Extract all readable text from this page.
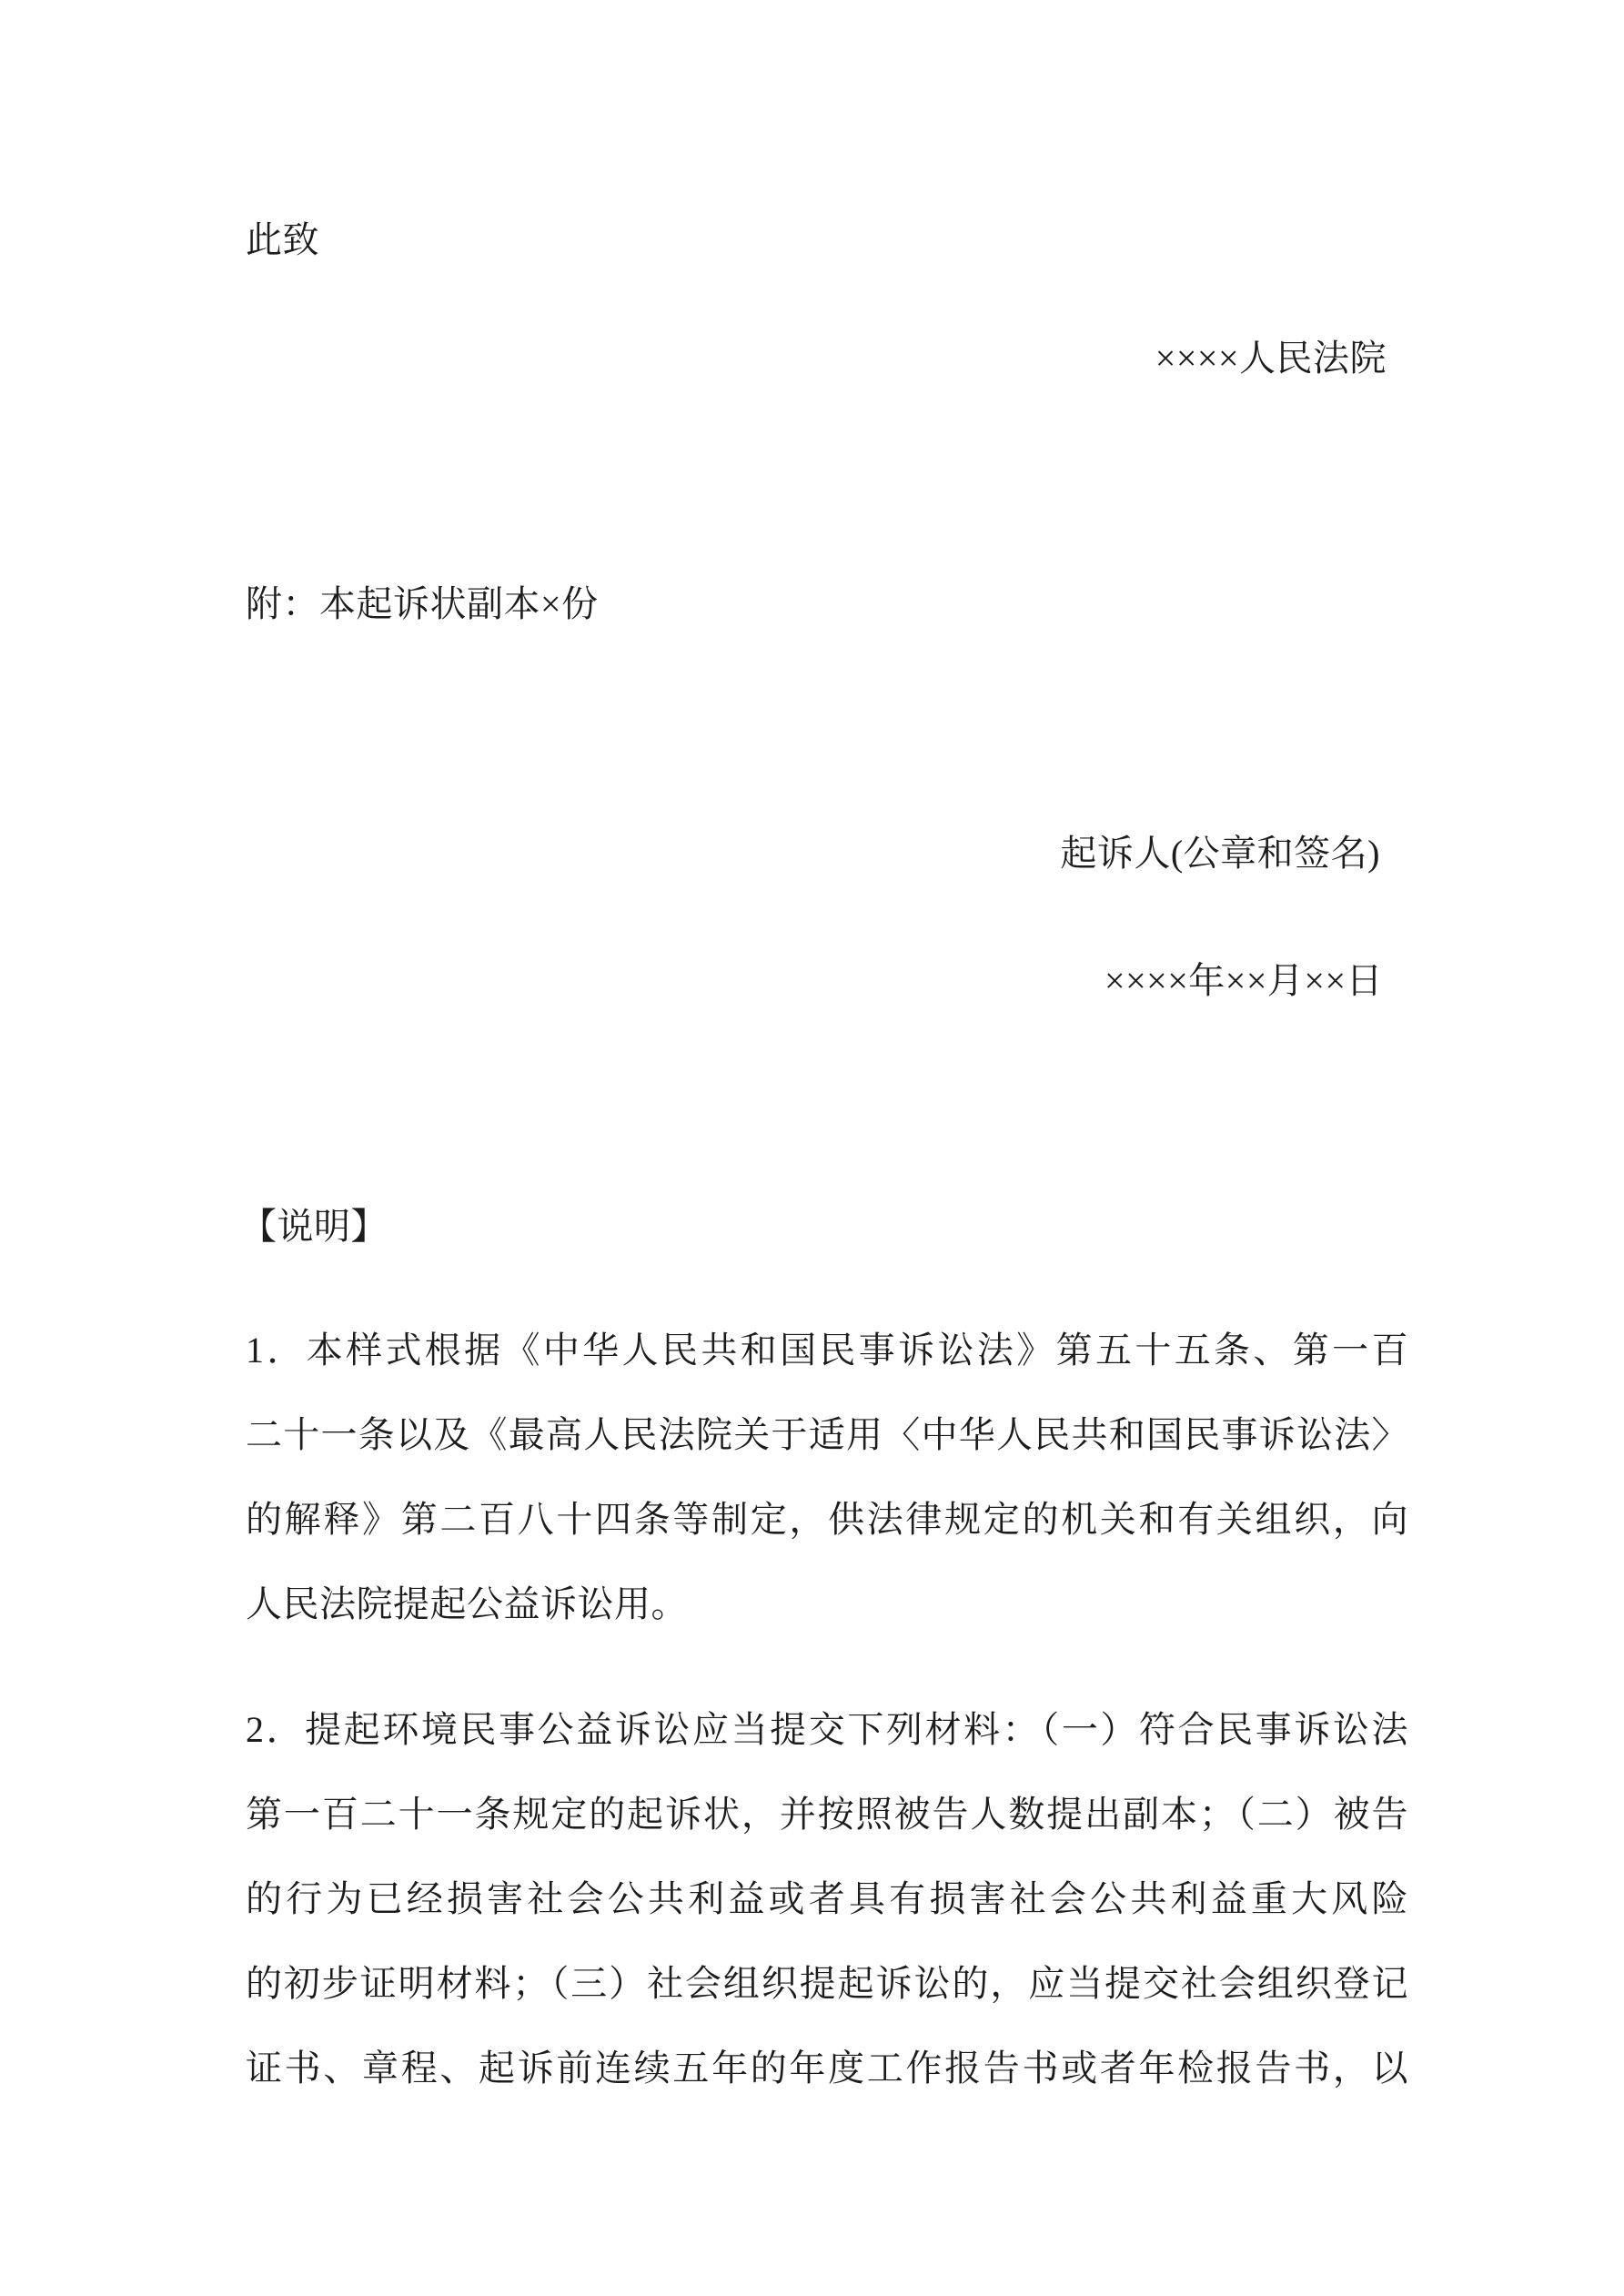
此致
××××人民法院
附：本起诉状副本×份
起诉人(公章和签名)
××××年××月××日
【说明】
1．本样式根据《中华人民共和国民事诉讼法》第五十五条、第一百
二十一条以及《最高人民法院关于适用〈中华人民共和国民事诉讼法〉
的解释》第二百八十四条等制定，供法律规定的机关和有关组织，向
人民法院提起公益诉讼用。
2．提起环境民事公益诉讼应当提交下列材料：（一）符合民事诉讼法
第一百二十一条规定的起诉状，并按照被告人数提出副本；（二）被告
的行为已经损害社会公共利益或者具有损害社会公共利益重大风险
的初步证明材料；（三）社会组织提起诉讼的，应当提交社会组织登记
证书、章程、起诉前连续五年的年度工作报告书或者年检报告书，以
